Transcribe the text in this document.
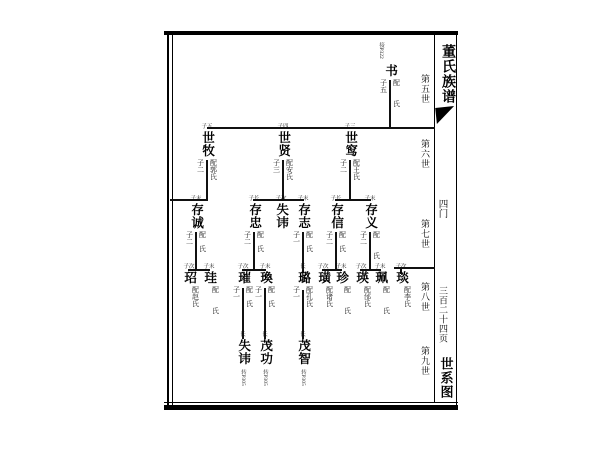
董氏族谱
第五世
第六世
第七世
第八世
第九世
四门
三百二十四页
世系图
接P322
书
子五 配　　氏
子五
世牧
子二 配郭氏
子四
世贤
子三 配安氏
子三
世窎
子二 配王氏
子末
存诚
子二 配　氏
子长
存忠
子二 配　氏
子次
失讳
子末
存志
子一 配　氏
子长
存信
子二 配　氏
子末
存义
子二 配　　氏
子次
玿
配赵氏
子末
珪
配　　氏
子次
璀
子一 配　氏
子末
瑍
子一 配　氏
长
璐
子一 配孔氏
子次
璜
配诸氏
子末
珍
配　　氏
子次
瑛
配邰氏
子末
珮
配　　氏
子次
琰
配李氏
长
失讳
转P305
长
茂功
转P305
长
茂智
转P305
